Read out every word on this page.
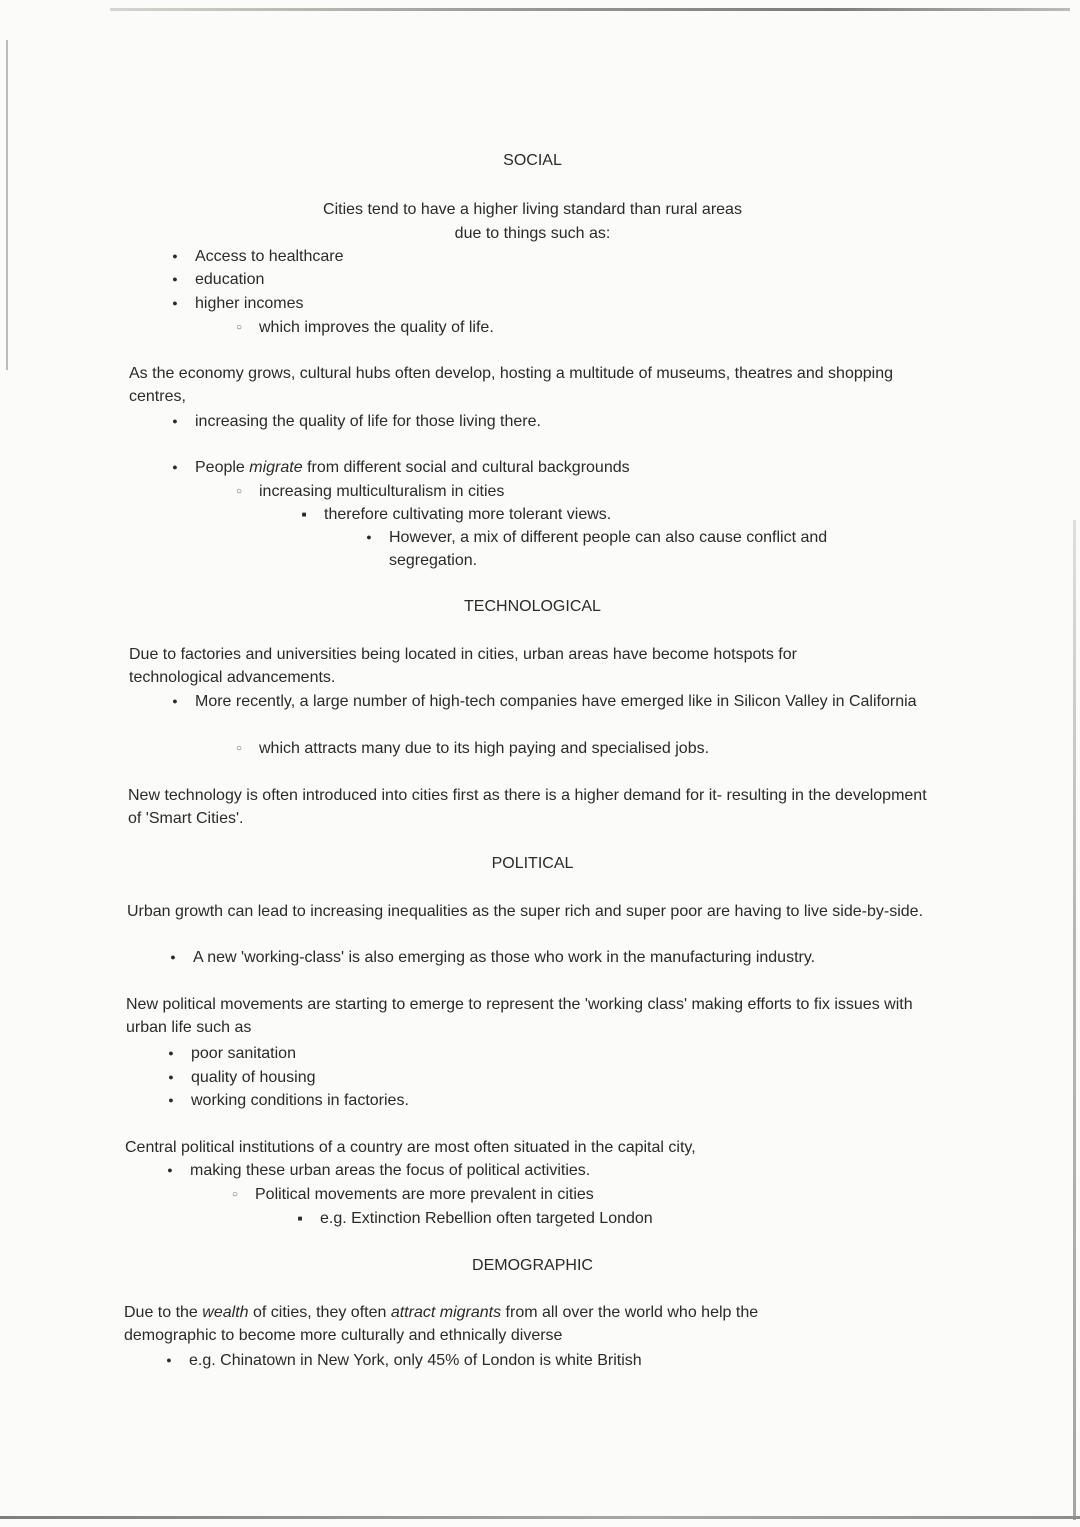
SOCIAL
Cities tend to have a higher living standard than rural areas
due to things such as:
● Access to healthcare
● education
● higher incomes
○ which improves the quality of life.
As the economy grows, cultural hubs often develop, hosting a multitude of museums, theatres and shopping centres,
● increasing the quality of life for those living there.
● People migrate from different social and cultural backgrounds
○ increasing multiculturalism in cities
■ therefore cultivating more tolerant views.
● However, a mix of different people can also cause conflict and segregation.
TECHNOLOGICAL
Due to factories and universities being located in cities, urban areas have become hotspots for technological advancements.
● More recently, a large number of high-tech companies have emerged like in Silicon Valley in California
○ which attracts many due to its high paying and specialised jobs.
New technology is often introduced into cities first as there is a higher demand for it- resulting in the development of 'Smart Cities'.
POLITICAL
Urban growth can lead to increasing inequalities as the super rich and super poor are having to live side-by-side.
● A new 'working-class' is also emerging as those who work in the manufacturing industry.
New political movements are starting to emerge to represent the 'working class' making efforts to fix issues with urban life such as
● poor sanitation
● quality of housing
● working conditions in factories.
Central political institutions of a country are most often situated in the capital city,
● making these urban areas the focus of political activities.
○ Political movements are more prevalent in cities
■ e.g. Extinction Rebellion often targeted London
DEMOGRAPHIC
Due to the wealth of cities, they often attract migrants from all over the world who help the demographic to become more culturally and ethnically diverse
● e.g. Chinatown in New York, only 45% of London is white British
